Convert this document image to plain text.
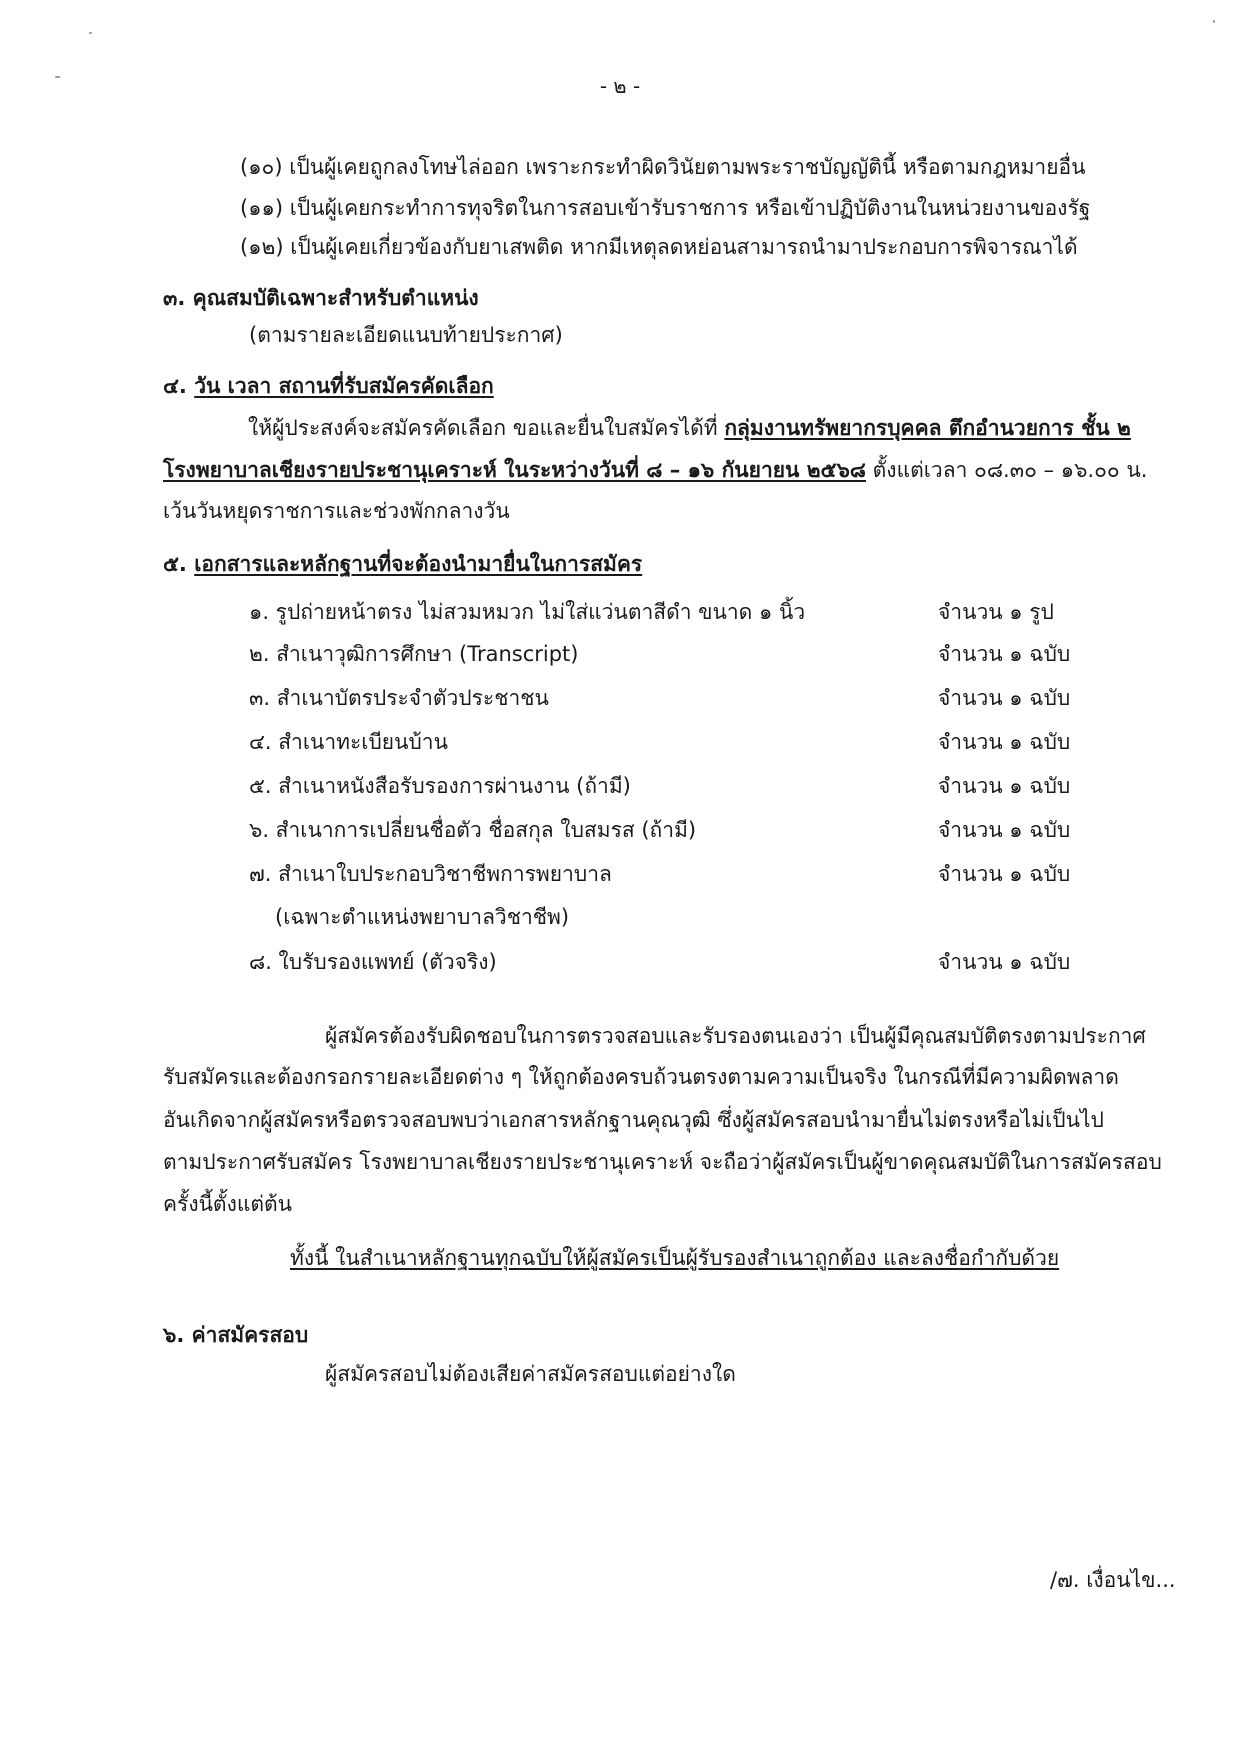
- ๒ -
(๑๐) เป็นผู้เคยถูกลงโทษไล่ออก เพราะกระทำผิดวินัยตามพระราชบัญญัตินี้ หรือตามกฎหมายอื่น
(๑๑) เป็นผู้เคยกระทำการทุจริตในการสอบเข้ารับราชการ หรือเข้าปฏิบัติงานในหน่วยงานของรัฐ
(๑๒) เป็นผู้เคยเกี่ยวข้องกับยาเสพติด หากมีเหตุลดหย่อนสามารถนำมาประกอบการพิจารณาได้
๓. คุณสมบัติเฉพาะสำหรับตำแหน่ง
(ตามรายละเอียดแนบท้ายประกาศ)
๔. วัน เวลา สถานที่รับสมัครคัดเลือก
ให้ผู้ประสงค์จะสมัครคัดเลือก ขอและยื่นใบสมัครได้ที่ กลุ่มงานทรัพยากรบุคคล ตึกอำนวยการ ชั้น ๒
โรงพยาบาลเชียงรายประชานุเคราะห์ ในระหว่างวันที่ ๘ – ๑๖ กันยายน ๒๕๖๘ ตั้งแต่เวลา ๐๘.๓๐ – ๑๖.๐๐ น.
เว้นวันหยุดราชการและช่วงพักกลางวัน
๕. เอกสารและหลักฐานที่จะต้องนำมายื่นในการสมัคร
๑. รูปถ่ายหน้าตรง ไม่สวมหมวก ไม่ใส่แว่นตาสีดำ ขนาด ๑ นิ้ว	จำนวน ๑ รูป
๒. สำเนาวุฒิการศึกษา (Transcript)	จำนวน ๑ ฉบับ
๓. สำเนาบัตรประจำตัวประชาชน	จำนวน ๑ ฉบับ
๔. สำเนาทะเบียนบ้าน	จำนวน ๑ ฉบับ
๕. สำเนาหนังสือรับรองการผ่านงาน (ถ้ามี)	จำนวน ๑ ฉบับ
๖. สำเนาการเปลี่ยนชื่อตัว ชื่อสกุล ใบสมรส (ถ้ามี)	จำนวน ๑ ฉบับ
๗. สำเนาใบประกอบวิชาชีพการพยาบาล	จำนวน ๑ ฉบับ
(เฉพาะตำแหน่งพยาบาลวิชาชีพ)
๘. ใบรับรองแพทย์ (ตัวจริง)	จำนวน ๑ ฉบับ
ผู้สมัครต้องรับผิดชอบในการตรวจสอบและรับรองตนเองว่า เป็นผู้มีคุณสมบัติตรงตามประกาศ
รับสมัครและต้องกรอกรายละเอียดต่าง ๆ ให้ถูกต้องครบถ้วนตรงตามความเป็นจริง ในกรณีที่มีความผิดพลาด
อันเกิดจากผู้สมัครหรือตรวจสอบพบว่าเอกสารหลักฐานคุณวุฒิ ซึ่งผู้สมัครสอบนำมายื่นไม่ตรงหรือไม่เป็นไป
ตามประกาศรับสมัคร โรงพยาบาลเชียงรายประชานุเคราะห์ จะถือว่าผู้สมัครเป็นผู้ขาดคุณสมบัติในการสมัครสอบ
ครั้งนี้ตั้งแต่ต้น
ทั้งนี้ ในสำเนาหลักฐานทุกฉบับให้ผู้สมัครเป็นผู้รับรองสำเนาถูกต้อง และลงชื่อกำกับด้วย
๖. ค่าสมัครสอบ
ผู้สมัครสอบไม่ต้องเสียค่าสมัครสอบแต่อย่างใด
/๗. เงื่อนไข...
